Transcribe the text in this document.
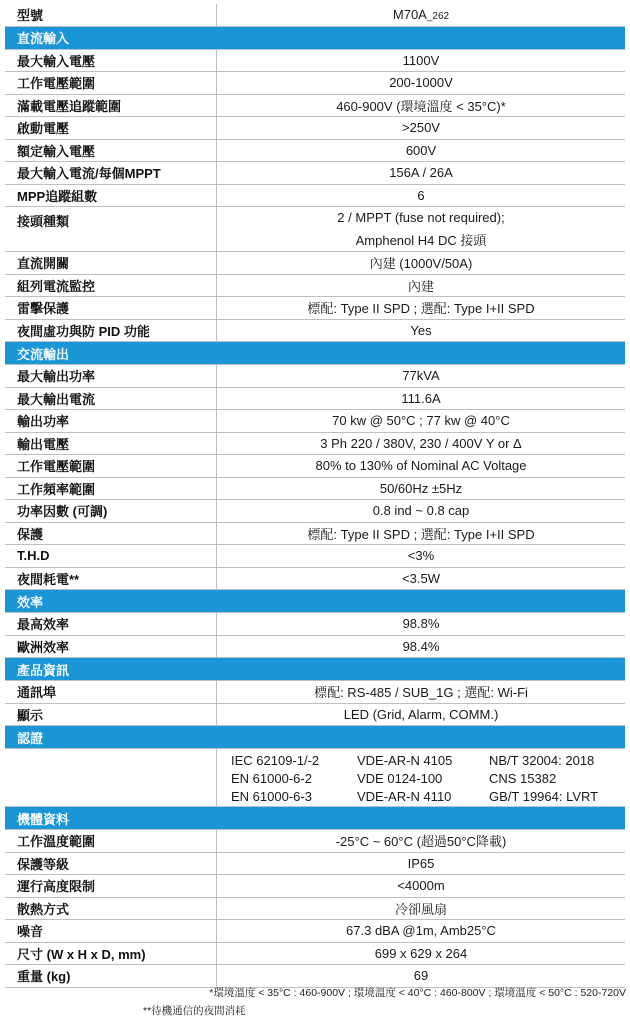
型號	M70A_262
直流輸入
最大輸入電壓	1100V
工作電壓範圍	200-1000V
滿載電壓追蹤範圍	460-900V (環境溫度 < 35°C)*
啟動電壓	>250V
額定輸入電壓	600V
最大輸入電流/每個MPPT	156A / 26A
MPP追蹤組數	6
接頭種類	2 / MPPT (fuse not required);
Amphenol H4 DC 接頭
直流開關	內建 (1000V/50A)
組列電流監控	內建
雷擊保護	標配: Type II SPD ; 選配: Type I+II SPD
夜間虛功與防 PID 功能	Yes
交流輸出
最大輸出功率	77kVA
最大輸出電流	111.6A
輸出功率	70 kw @ 50°C ; 77 kw @ 40°C
輸出電壓	3 Ph 220 / 380V, 230 / 400V Y or Δ
工作電壓範圍	80% to 130% of Nominal AC Voltage
工作頻率範圍	50/60Hz ±5Hz
功率因數 (可調)	0.8 ind ~ 0.8 cap
保護	標配: Type II SPD ; 選配: Type I+II SPD
T.H.D	<3%
夜間耗電**	<3.5W
效率
最高效率	98.8%
歐洲效率	98.4%
產品資訊
通訊埠	標配: RS-485 / SUB_1G ; 選配: Wi-Fi
顯示	LED (Grid, Alarm, COMM.)
認證
IEC 62109-1/-2	VDE-AR-N 4105	NB/T 32004: 2018
EN 61000-6-2	VDE 0124-100	CNS 15382
EN 61000-6-3	VDE-AR-N 4110	GB/T 19964: LVRT
機體資料
工作溫度範圍	-25°C ~ 60°C (超過50°C降載)
保護等級	IP65
運行高度限制	<4000m
散熱方式	冷卻風扇
噪音	67.3 dBA @1m, Amb25°C
尺寸 (W x H x D, mm)	699 x 629 x 264
重量 (kg)	69
*環境溫度 < 35°C : 460-900V ; 環境溫度 < 40°C : 460-800V ; 環境溫度 < 50°C : 520-720V
**待機通信的夜間消耗
